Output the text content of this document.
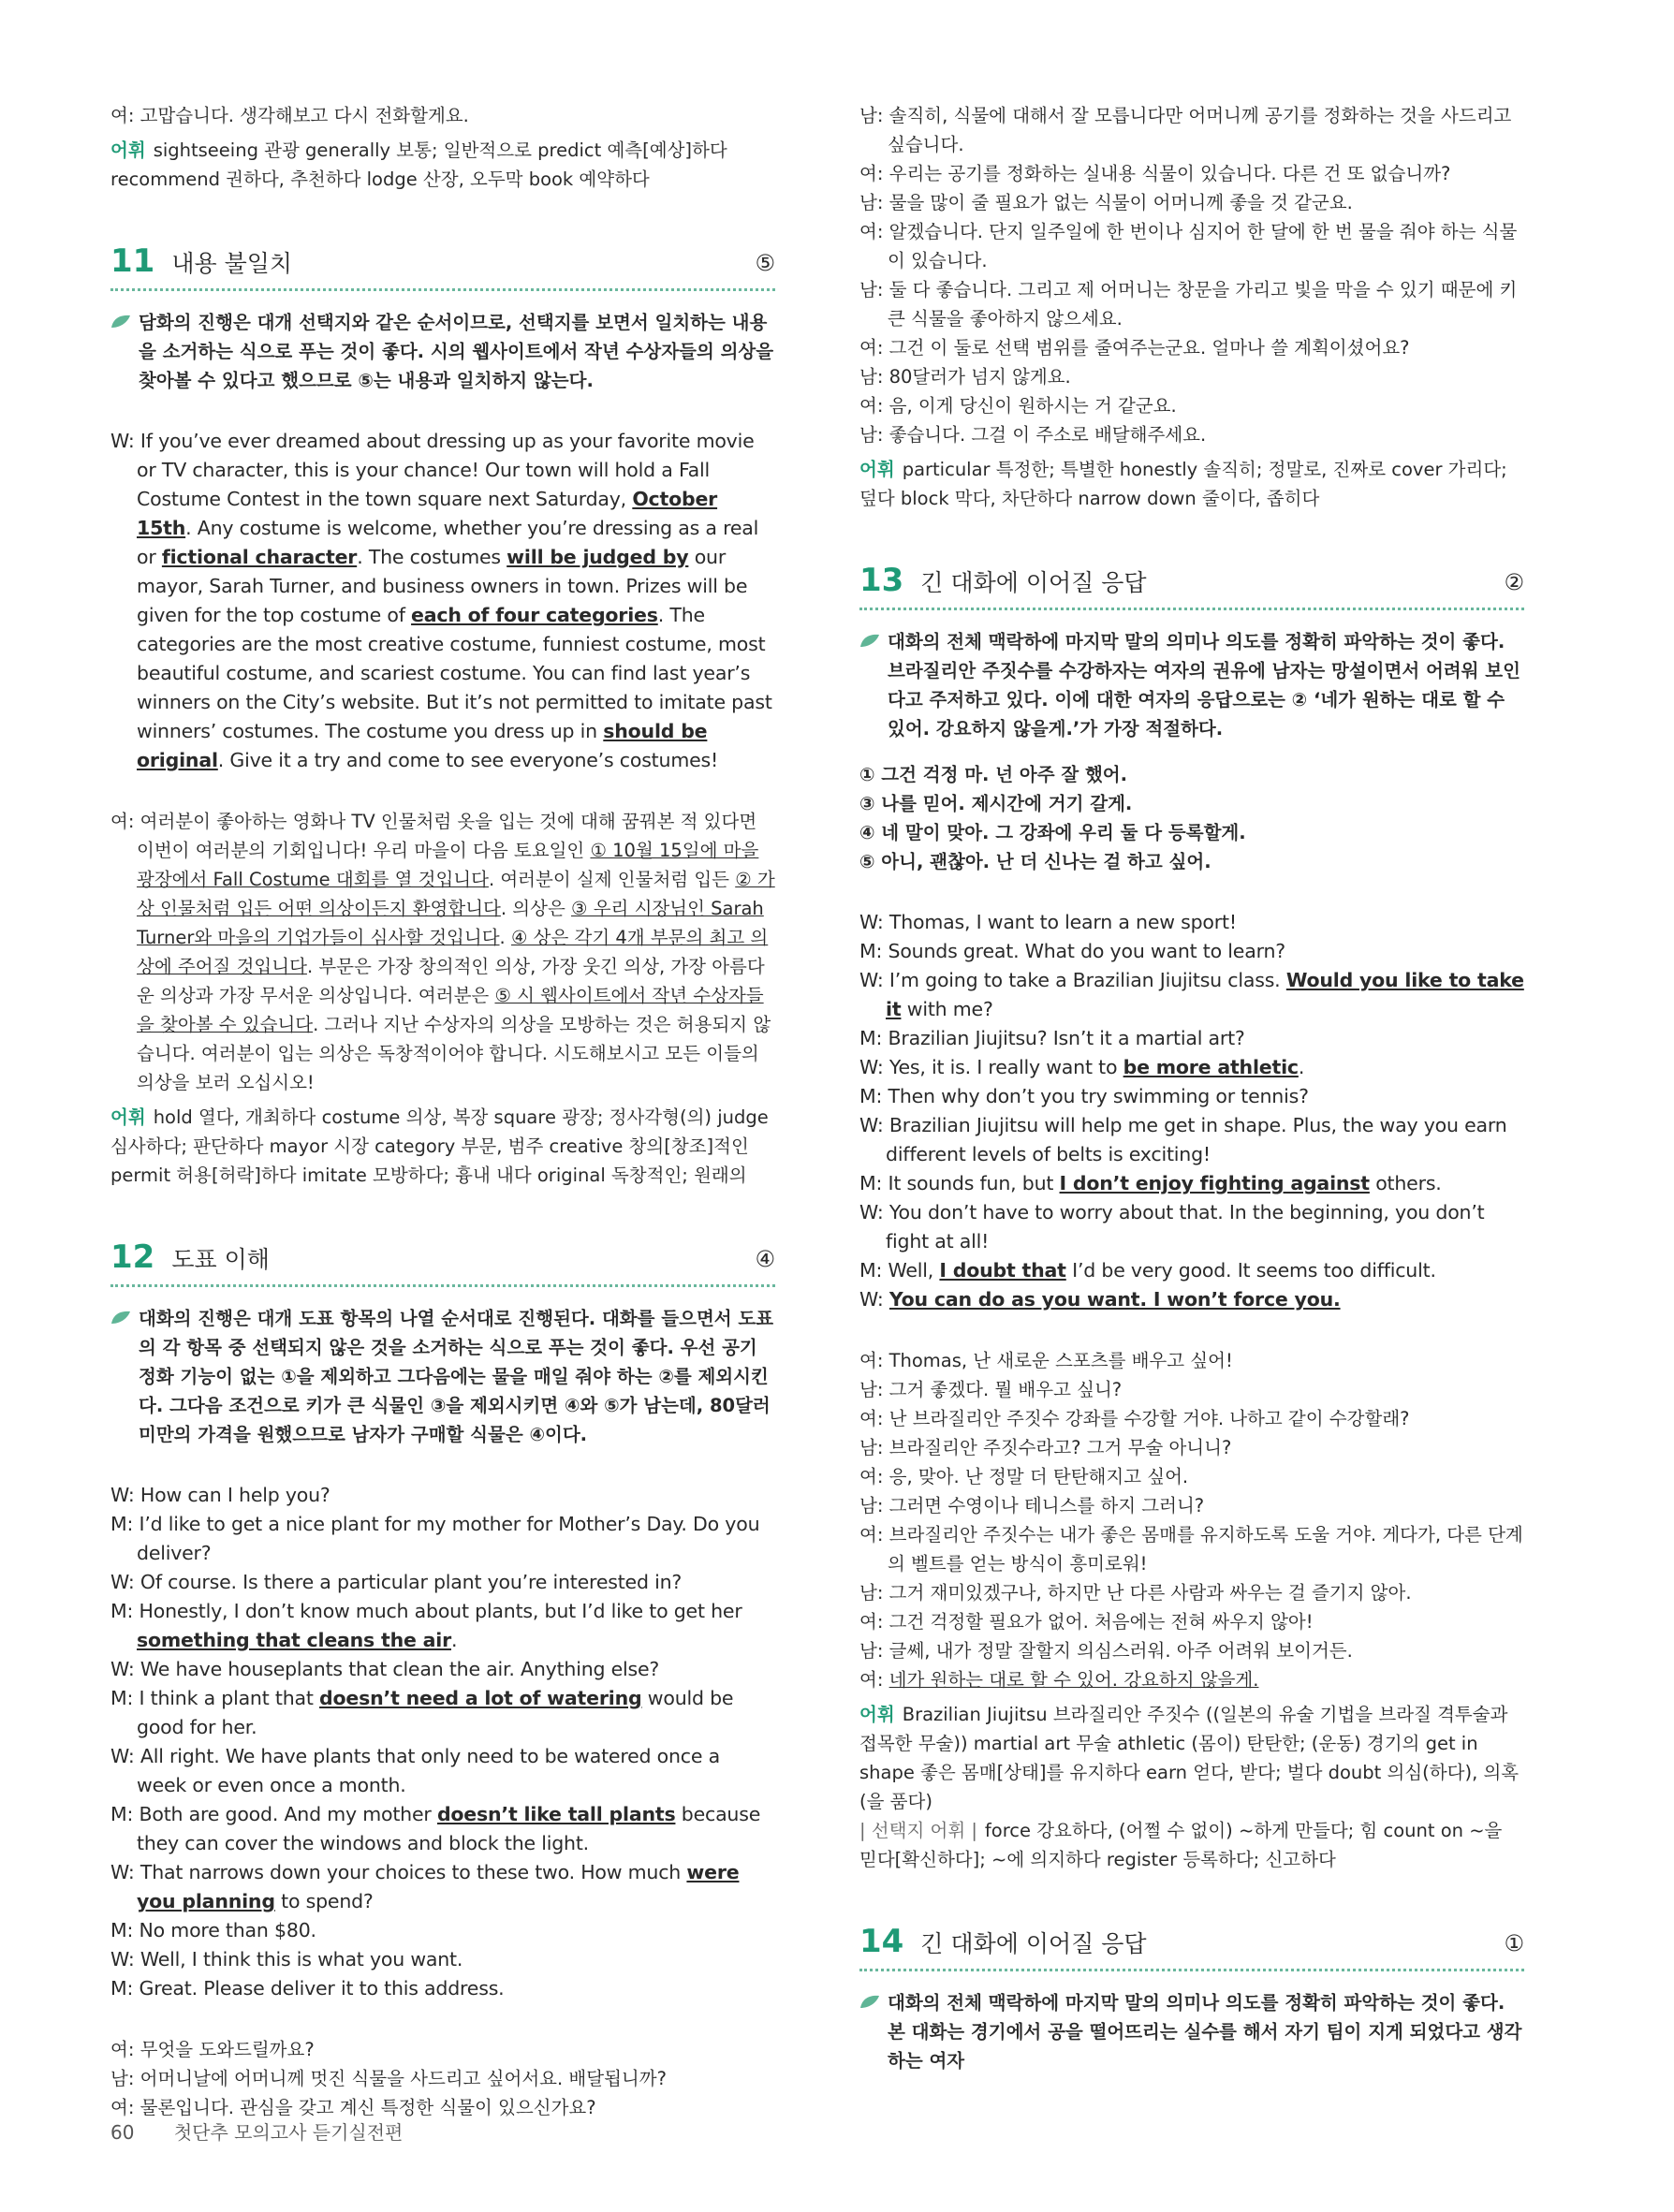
여: 고맙습니다. 생각해보고 다시 전화할게요.

어휘 sightseeing 관광 generally 보통; 일반적으로 predict 예측[예상]하다
recommend 권하다, 추천하다 lodge 산장, 오두막 book 예약하다

11 내용 불일치	⑤
담화의 진행은 대개 선택지와 같은 순서이므로, 선택지를 보면서 일치하는 내용을 소거하는 식으로 푸는 것이 좋다. 시의 웹사이트에서 작년 수상자들의 의상을 찾아볼 수 있다고 했으므로 ⑤는 내용과 일치하지 않는다.

W: If you’ve ever dreamed about dressing up as your favorite movie or TV character, this is your chance! Our town will hold a Fall Costume Contest in the town square next Saturday, October 15th. Any costume is welcome, whether you’re dressing as a real or fictional character. The costumes will be judged by our mayor, Sarah Turner, and business owners in town. Prizes will be given for the top costume of each of four categories. The categories are the most creative costume, funniest costume, most beautiful costume, and scariest costume. You can find last year’s winners on the City’s website. But it’s not permitted to imitate past winners’ costumes. The costume you dress up in should be original. Give it a try and come to see everyone’s costumes!

여: 여러분이 좋아하는 영화나 TV 인물처럼 옷을 입는 것에 대해 꿈꿔본 적 있다면 이번이 여러분의 기회입니다! 우리 마을이 다음 토요일인 ① 10월 15일에 마을 광장에서 Fall Costume 대회를 열 것입니다. 여러분이 실제 인물처럼 입든 ② 가상 인물처럼 입든 어떤 의상이든지 환영합니다. 의상은 ③ 우리 시장님인 Sarah Turner와 마을의 기업가들이 심사할 것입니다. ④ 상은 각기 4개 부문의 최고 의상에 주어질 것입니다. 부문은 가장 창의적인 의상, 가장 웃긴 의상, 가장 아름다운 의상과 가장 무서운 의상입니다. 여러분은 ⑤ 시 웹사이트에서 작년 수상자들을 찾아볼 수 있습니다. 그러나 지난 수상자의 의상을 모방하는 것은 허용되지 않습니다. 여러분이 입는 의상은 독창적이어야 합니다. 시도해보시고 모든 이들의 의상을 보러 오십시오!

어휘 hold 열다, 개최하다 costume 의상, 복장 square 광장; 정사각형(의) judge 심사하다; 판단하다 mayor 시장 category 부문, 범주 creative 창의[창조]적인 permit 허용[허락]하다 imitate 모방하다; 흉내 내다 original 독창적인; 원래의

12 도표 이해	④
대화의 진행은 대개 도표 항목의 나열 순서대로 진행된다. 대화를 들으면서 도표의 각 항목 중 선택되지 않은 것을 소거하는 식으로 푸는 것이 좋다. 우선 공기 정화 기능이 없는 ①을 제외하고 그다음에는 물을 매일 줘야 하는 ②를 제외시킨다. 그다음 조건으로 키가 큰 식물인 ③을 제외시키면 ④와 ⑤가 남는데, 80달러 미만의 가격을 원했으므로 남자가 구매할 식물은 ④이다.

W: How can I help you?

M: I’d like to get a nice plant for my mother for Mother’s Day. Do you deliver?

W: Of course. Is there a particular plant you’re interested in?

M: Honestly, I don’t know much about plants, but I’d like to get her something that cleans the air.

W: We have houseplants that clean the air. Anything else?

M: I think a plant that doesn’t need a lot of watering would be good for her.

W: All right. We have plants that only need to be watered once a week or even once a month.

M: Both are good. And my mother doesn’t like tall plants because they can cover the windows and block the light.

W: That narrows down your choices to these two. How much were you planning to spend?

M: No more than $80.

W: Well, I think this is what you want.

M: Great. Please deliver it to this address.

여: 무엇을 도와드릴까요?

남: 어머니날에 어머니께 멋진 식물을 사드리고 싶어서요. 배달됩니까?

여: 물론입니다. 관심을 갖고 계신 특정한 식물이 있으신가요?

남: 솔직히, 식물에 대해서 잘 모릅니다만 어머니께 공기를 정화하는 것을 사드리고 싶습니다.

여: 우리는 공기를 정화하는 실내용 식물이 있습니다. 다른 건 또 없습니까?

남: 물을 많이 줄 필요가 없는 식물이 어머니께 좋을 것 같군요.

여: 알겠습니다. 단지 일주일에 한 번이나 심지어 한 달에 한 번 물을 줘야 하는 식물이 있습니다.

남: 둘 다 좋습니다. 그리고 제 어머니는 창문을 가리고 빛을 막을 수 있기 때문에 키 큰 식물을 좋아하지 않으세요.

여: 그건 이 둘로 선택 범위를 줄여주는군요. 얼마나 쓸 계획이셨어요?

남: 80달러가 넘지 않게요.

여: 음, 이게 당신이 원하시는 거 같군요.

남: 좋습니다. 그걸 이 주소로 배달해주세요.

어휘 particular 특정한; 특별한 honestly 솔직히; 정말로, 진짜로 cover 가리다; 덮다 block 막다, 차단하다 narrow down 줄이다, 좁히다

13 긴 대화에 이어질 응답	②
대화의 전체 맥락하에 마지막 말의 의미나 의도를 정확히 파악하는 것이 좋다. 브라질리안 주짓수를 수강하자는 여자의 권유에 남자는 망설이면서 어려워 보인다고 주저하고 있다. 이에 대한 여자의 응답으로는 ② ‘네가 원하는 대로 할 수 있어. 강요하지 않을게.’가 가장 적절하다.

① 그건 걱정 마. 넌 아주 잘 했어.

③ 나를 믿어. 제시간에 거기 갈게.

④ 네 말이 맞아. 그 강좌에 우리 둘 다 등록할게.

⑤ 아니, 괜찮아. 난 더 신나는 걸 하고 싶어.

W: Thomas, I want to learn a new sport!

M: Sounds great. What do you want to learn?

W: I’m going to take a Brazilian Jiujitsu class. Would you like to take it with me?

M: Brazilian Jiujitsu? Isn’t it a martial art?

W: Yes, it is. I really want to be more athletic.

M: Then why don’t you try swimming or tennis?

W: Brazilian Jiujitsu will help me get in shape. Plus, the way you earn different levels of belts is exciting!

M: It sounds fun, but I don’t enjoy fighting against others.

W: You don’t have to worry about that. In the beginning, you don’t fight at all!

M: Well, I doubt that I’d be very good. It seems too difficult.

W: You can do as you want. I won’t force you.

여: Thomas, 난 새로운 스포츠를 배우고 싶어!

남: 그거 좋겠다. 뭘 배우고 싶니?

여: 난 브라질리안 주짓수 강좌를 수강할 거야. 나하고 같이 수강할래?

남: 브라질리안 주짓수라고? 그거 무술 아니니?

여: 응, 맞아. 난 정말 더 탄탄해지고 싶어.

남: 그러면 수영이나 테니스를 하지 그러니?

여: 브라질리안 주짓수는 내가 좋은 몸매를 유지하도록 도울 거야. 게다가, 다른 단계의 벨트를 얻는 방식이 흥미로워!

남: 그거 재미있겠구나, 하지만 난 다른 사람과 싸우는 걸 즐기지 않아.

여: 그건 걱정할 필요가 없어. 처음에는 전혀 싸우지 않아!

남: 글쎄, 내가 정말 잘할지 의심스러워. 아주 어려워 보이거든.

여: 네가 원하는 대로 할 수 있어. 강요하지 않을게.

어휘 Brazilian Jiujitsu 브라질리안 주짓수 ((일본의 유술 기법을 브라질 격투술과 접목한 무술)) martial art 무술 athletic (몸이) 탄탄한; (운동) 경기의 get in shape 좋은 몸매[상태]를 유지하다 earn 얻다, 받다; 벌다 doubt 의심(하다), 의혹(을 품다)

| 선택지 어휘 | force 강요하다, (어쩔 수 없이) ~하게 만들다; 힘 count on ~을 믿다[확신하다]; ~에 의지하다 register 등록하다; 신고하다

14 긴 대화에 이어질 응답	①
대화의 전체 맥락하에 마지막 말의 의미나 의도를 정확히 파악하는 것이 좋다. 본 대화는 경기에서 공을 떨어뜨리는 실수를 해서 자기 팀이 지게 되었다고 생각하는 여자
60 첫단추 모의고사 듣기실전편
